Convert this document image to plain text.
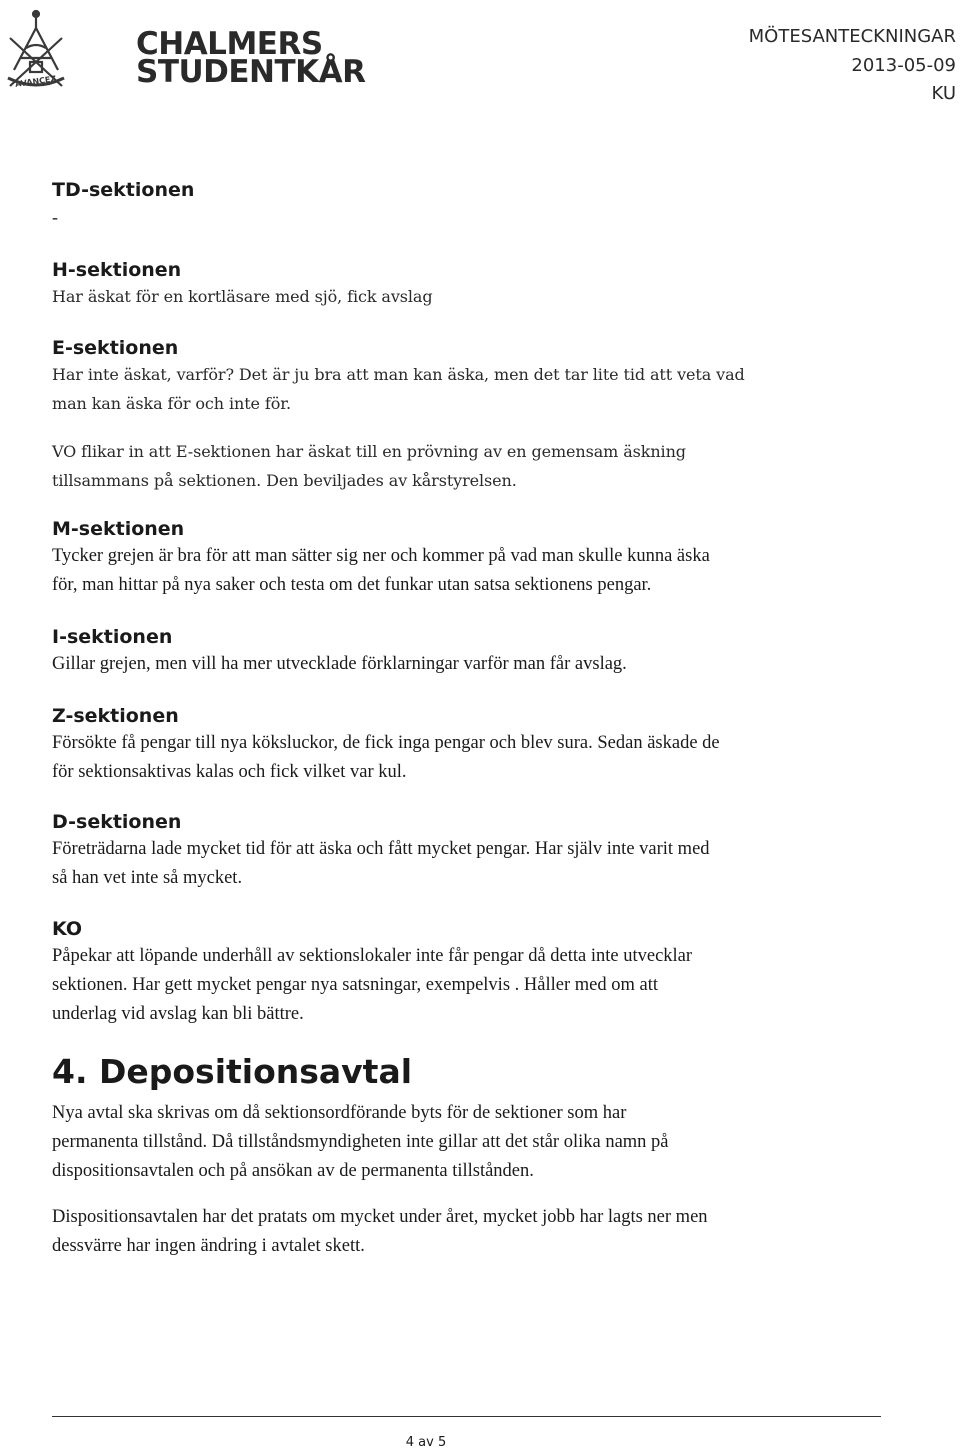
AVANCEZ
CHALMERS
STUDENTKÅR
MÖTESANTECKNINGAR
2013-05-09
KU
TD-sektionen

-

H-sektionen

Har äskat för en kortläsare med sjö, fick avslag

E-sektionen

Har inte äskat, varför? Det är ju bra att man kan äska, men det tar lite tid att veta vad

man kan äska för och inte för.

VO flikar in att E-sektionen har äskat till en prövning av en gemensam äskning

tillsammans på sektionen. Den beviljades av kårstyrelsen.

M-sektionen

Tycker grejen är bra för att man sätter sig ner och kommer på vad man skulle kunna äska

för, man hittar på nya saker och testa om det funkar utan satsa sektionens pengar.

I-sektionen

Gillar grejen, men vill ha mer utvecklade förklarningar varför man får avslag.

Z-sektionen

Försökte få pengar till nya köksluckor, de fick inga pengar och blev sura. Sedan äskade de

för sektionsaktivas kalas och fick vilket var kul.

D-sektionen

Företrädarna lade mycket tid för att äska och fått mycket pengar. Har själv inte varit med

så han vet inte så mycket.

KO

Påpekar att löpande underhåll av sektionslokaler inte får pengar då detta inte utvecklar

sektionen. Har gett mycket pengar nya satsningar, exempelvis . Håller med om att

underlag vid avslag kan bli bättre.

4. Depositionsavtal

Nya avtal ska skrivas om då sektionsordförande byts för de sektioner som har

permanenta tillstånd. Då tillståndsmyndigheten inte gillar att det står olika namn på

dispositionsavtalen och på ansökan av de permanenta tillstånden.

Dispositionsavtalen har det pratats om mycket under året, mycket jobb har lagts ner men

dessvärre har ingen ändring i avtalet skett.

4 av 5
